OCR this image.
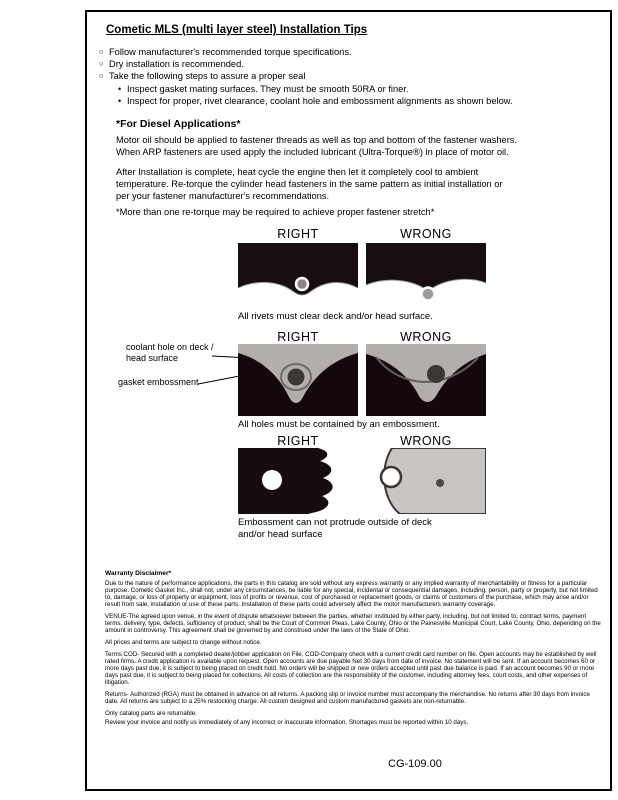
Cometic MLS (multi layer steel) Installation Tips
○ Follow manufacturer's recommended torque specifications.
○ Dry installation is recommended.
○ Take the following steps to assure a proper seal
• Inspect gasket mating surfaces. They must be smooth 50RA or finer.
• Inspect for proper, rivet clearance, coolant hole and embossment alignments as shown below.
*For Diesel Applications*

Motor oil should be applied to fastener threads as well as top and bottom of the fastener washers. When ARP fasteners are used apply the included lubricant (Ultra-Torque®) in place of motor oil.

After Installation is complete, heat cycle the engine then let it completely cool to ambient temperature. Re-torque the cylinder head fasteners in the same pattern as initial installation or per your fastener manufacturer's recommendations.

*More than one re-torque may be required to achieve proper fastener stretch*

RIGHT	WRONG
All rivets must clear deck and/or head surface.
RIGHT	WRONG
coolant hole on deck / head surface
gasket embossment
All holes must be contained by an embossment.
RIGHT	WRONG
Embossment can not protrude outside of deck and/or head surface
Warranty Disclaimer*

Due to the nature of performance applications, the parts in this catalog are sold without any express warranty or any implied warranty of merchantability or fitness for a particular purpose. Cometic Gasket Inc., shall not, under any circumstances, be liable for any special, incidental or consequential damages, including, person, party or property, but not limited to, damage, or loss of property or equipment, loss of profits or revenue, cost of purchased or replacement goods, or claims of customers of the purchase, which may arise and/or result from sale, installation or use of these parts. Installation of these parts could adversely affect the motor manufacturers warranty coverage.

VENUE-The agreed upon venue, in the event of dispute whatsoever between the parties, whether instituted by either party, including, but not limited to, contract terms, payment terms, delivery, type, defects, sufficiency of product, shall be the Court of Common Pleas, Lake County, Ohio or the Painesville Municipal Court, Lake County, Ohio, depending on the amount in controversy. This agreement shall be governed by and construed under the laws of the State of Ohio.

All prices and terms are subject to change without notice.

Terms COD- Secured with a completed dealer/jobber application on File, COD-Company check with a current credit card number on file. Open accounts may be established by well rated firms. A credit application is available upon request. Open accounts are due payable Net 30 days from date of invoice. No statement will be sent. If an account becomes 60 or more days past due, it is subject to being placed on credit hold. No orders will be shipped or new orders accepted until past due balance is paid. If an account becomes 90 or more days past due, it is subject to being placed for collections. All costs of collection are the responsibility of the customer, including attorney fees, court costs, and other expenses of litigation.

Returns- Authorized (RGA) must be obtained in advance on all returns. A packing slip or invoice number must accompany the merchandise. No returns after 30 days from invoice date. All returns are subject to a 25% restocking charge. All custom designed and custom manufactured gaskets are non-returnable.

Only catalog parts are returnable.

Review your invoice and notify us immediately of any incorrect or inaccurate information. Shortages must be reported within 10 days.

CG-109.00
